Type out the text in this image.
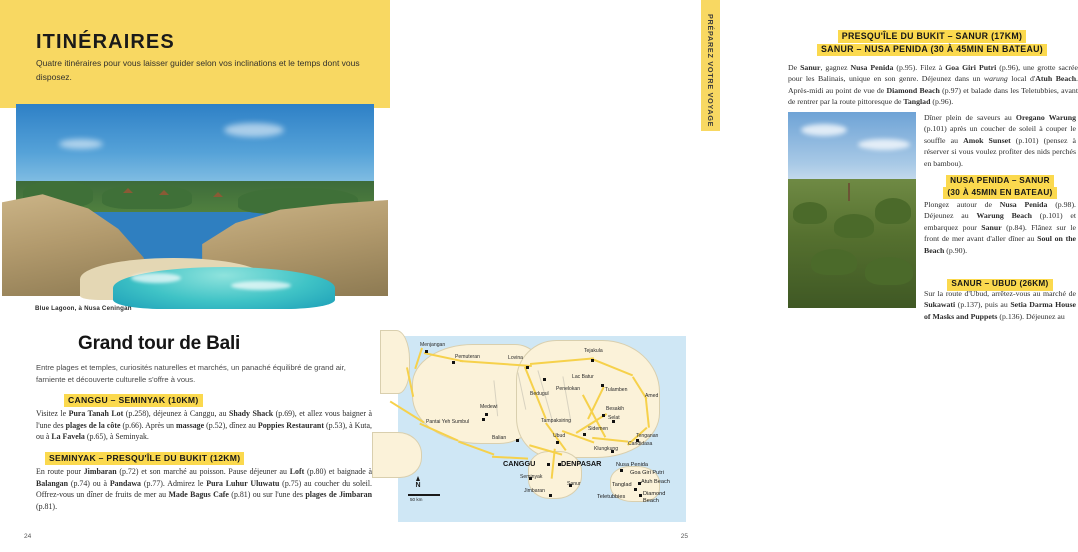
ITINÉRAIRES
Quatre itinéraires pour vous laisser guider selon vos inclinations et le temps dont vous disposez.
Blue Lagoon, à Nusa Ceningan
Grand tour de Bali
Entre plages et temples, curiosités naturelles et marchés, un panaché équilibré de grand air, farniente et découverte culturelle s'offre à vous.
CANGGU – SEMINYAK (10KM)
Visitez le Pura Tanah Lot (p.258), déjeunez à Canggu, au Shady Shack (p.69), et allez vous baigner à l'une des plages de la côte (p.66). Après un massage (p.52), dînez au Poppies Restaurant (p.53), à Kuta, ou à La Favela (p.65), à Seminyak.
SEMINYAK – PRESQU'ÎLE DU BUKIT (12KM)
En route pour Jimbaran (p.72) et son marché au poisson. Pause déjeuner au Loft (p.80) et baignade à Balangan (p.74) ou à Pandawa (p.77). Admirez le Pura Luhur Uluwatu (p.75) au coucher du soleil. Offrez-vous un dîner de fruits de mer au Made Bagus Cafe (p.81) ou sur l'une des plages de Jimbaran (p.81).
24
PRESQU'ÎLE DU BUKIT – SANUR (17KM)
SANUR – NUSA PENIDA (30 À 45MIN EN BATEAU)
De Sanur, gagnez Nusa Penida (p.95). Filez à Goa Giri Putri (p.96), une grotte sacrée pour les Balinais, unique en son genre. Déjeunez dans un warung local d'Atuh Beach. Après-midi au point de vue de Diamond Beach (p.97) et balade dans les Teletubbies, avant de rentrer par la route pittoresque de Tanglad (p.96).
Dîner plein de saveurs au Oregano Warung (p.101) après un coucher de soleil à couper le souffle au Amok Sunset (p.101) (pensez à réserver si vous voulez profiter des nids perchés en bambou).
NUSA PENIDA – SANUR
(30 À 45MIN EN BATEAU)
Plongez autour de Nusa Penida (p.98). Déjeunez au Warung Beach (p.101) et embarquez pour Sanur (p.84). Flânez sur le front de mer avant d'aller dîner au Soul on the Beach (p.90).
SANUR – UBUD (26KM)
Sur la route d'Ubud, arrêtez-vous au marché de Sukawati (p.137), puis au Setia Darma House of Masks and Puppets (p.136). Déjeunez au
25
N
50 km
Menjangan
Pemuteran	Lovina
Tejakula
Lac Batur
Bedugul
Penelokan	Tulamben
Amed
Besakih
Selat
Medewi
Pantai Yeh Sumbul	Tampaksiring
Sidemen
Balian	Ubud	Tenganan
Candidasa
Klungkung
CANGGU	DENPASAR	Nusa Penida
Goa Giri Putri
Seminyak
Sanur	Tanglad Atuh Beach
Jimbaran
Teletubbies	Diamond
Beach
PRÉPAREZ VOTRE VOYAGE
